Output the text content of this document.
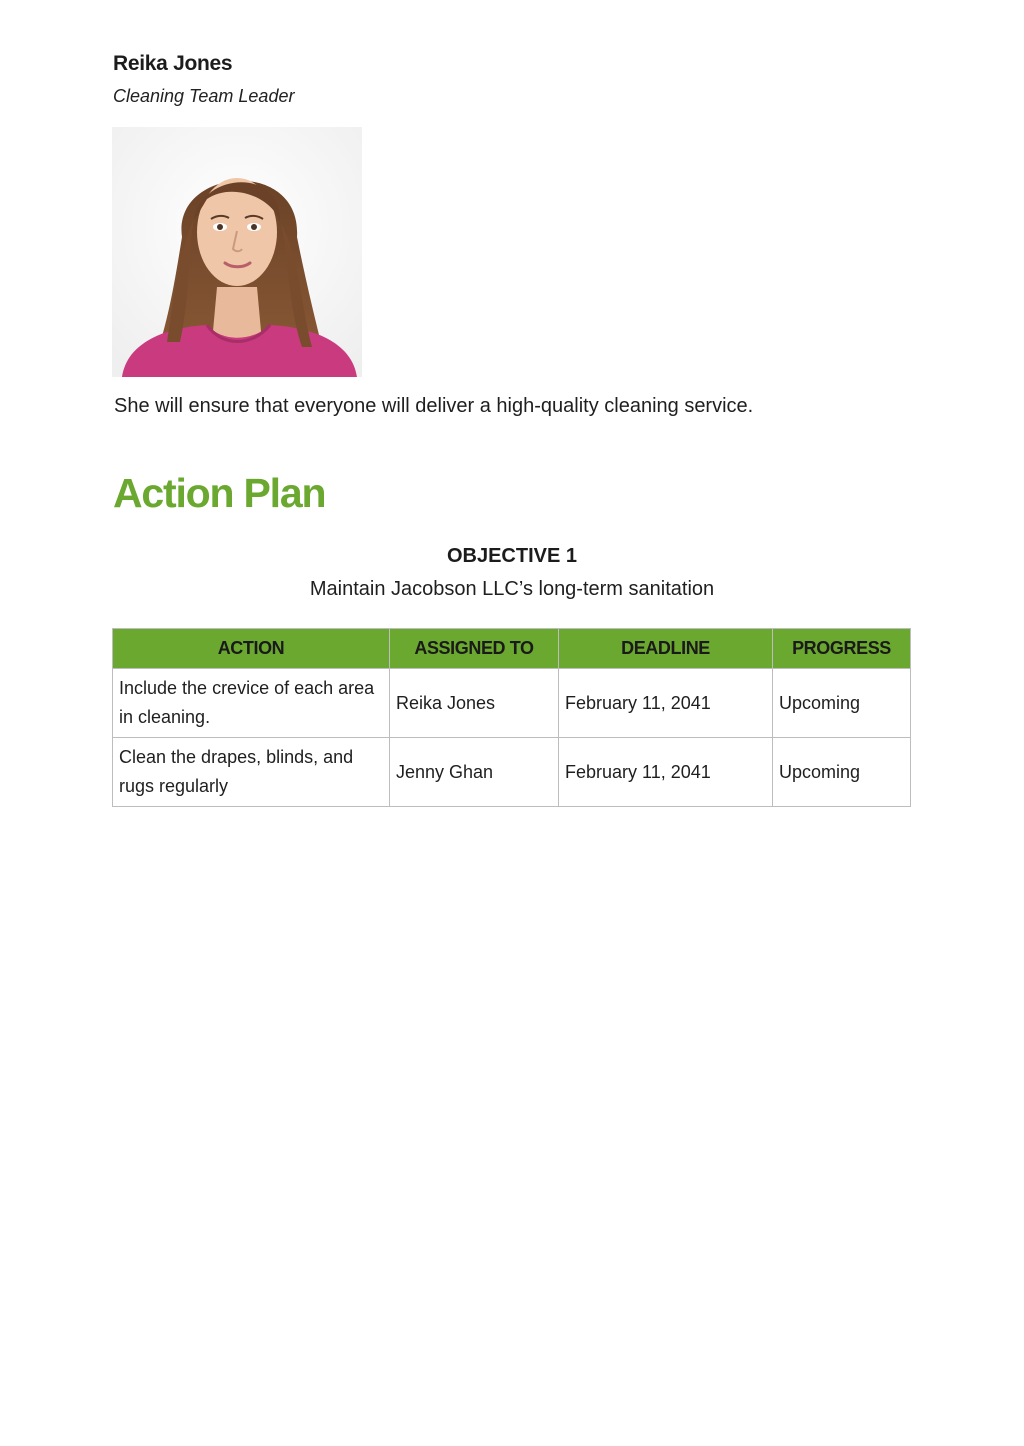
Reika Jones
Cleaning Team Leader
She will ensure that everyone will deliver a high-quality cleaning service.
Action Plan
OBJECTIVE 1
Maintain Jacobson LLC’s long-term sanitation
ACTION	ASSIGNED TO	DEADLINE	PROGRESS
Include the crevice of each area in cleaning.	Reika Jones	February 11, 2041	Upcoming
Clean the drapes, blinds, and rugs regularly	Jenny Ghan	February 11, 2041	Upcoming
